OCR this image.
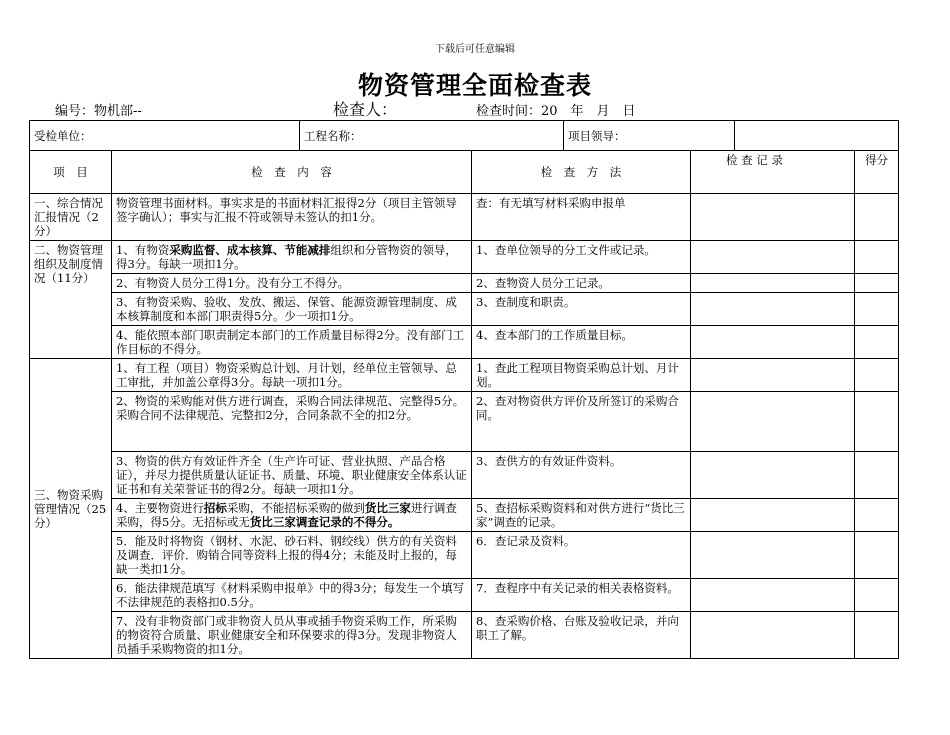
下载后可任意编辑
物资管理全面检查表
编号：物机部--	检查人：	检查时间：20　年　月　日
受检单位：		工程名称：		项目领导：			
项　目	检　查　内　容		检　查　方　法		检 查 记 录		得分
一、综合情况汇报情况（2分）	物资管理书面材料。事实求是的书面材料汇报得2分（项目主管领导签字确认）；事实与汇报不符或领导未签认的扣1分。		查：有无填写材料采购申报单				
二、物资管理组织及制度情况（11分）	1、有物资采购监督、成本核算、节能减排组织和分管物资的领导，得3分。每缺一项扣1分。		1、查单位领导的分工文件或记录。				
	2、有物资人员分工得1分。没有分工不得分。		2、查物资人员分工记录。				
	3、有物资采购、验收、发放、搬运、保管、能源资源管理制度、成本核算制度和本部门职责得5分。少一项扣1分。		3、查制度和职责。				
	4、能依照本部门职责制定本部门的工作质量目标得2分。没有部门工作目标的不得分。		4、查本部门的工作质量目标。				
三、物资采购管理情况（25分）	1、有工程（项目）物资采购总计划、月计划，经单位主管领导、总工审批，并加盖公章得3分。每缺一项扣1分。		1、查此工程项目物资采购总计划、月计划。				
	2、物资的采购能对供方进行调查，采购合同法律规范、完整得5分。采购合同不法律规范、完整扣2分，合同条款不全的扣2分。		2、查对物资供方评价及所签订的采购合同。				
	3、物资的供方有效证件齐全（生产许可证、营业执照、产品合格证），并尽力提供质量认证证书、质量、环境、职业健康安全体系认证证书和有关荣誉证书的得2分。每缺一项扣1分。		3、查供方的有效证件资料。				
	4、主要物资进行招标采购，不能招标采购的做到货比三家进行调查采购，得5分。无招标或无货比三家调查记录的不得分。		5、查招标采购资料和对供方进行“货比三家”调查的记录。				
	5．能及时将物资（钢材、水泥、砂石料、钢绞线）供方的有关资料及调查．评价．购销合同等资料上报的得4分；未能及时上报的，每缺一类扣1分。		6．查记录及资料。				
	6．能法律规范填写《材料采购申报单》中的得3分；每发生一个填写不法律规范的表格扣0.5分。		7．查程序中有关记录的相关表格资料。				
	7、没有非物资部门或非物资人员从事或插手物资采购工作，所采购的物资符合质量、职业健康安全和环保要求的得3分。发现非物资人员插手采购物资的扣1分。		8、查采购价格、台账及验收记录，并向职工了解。				
